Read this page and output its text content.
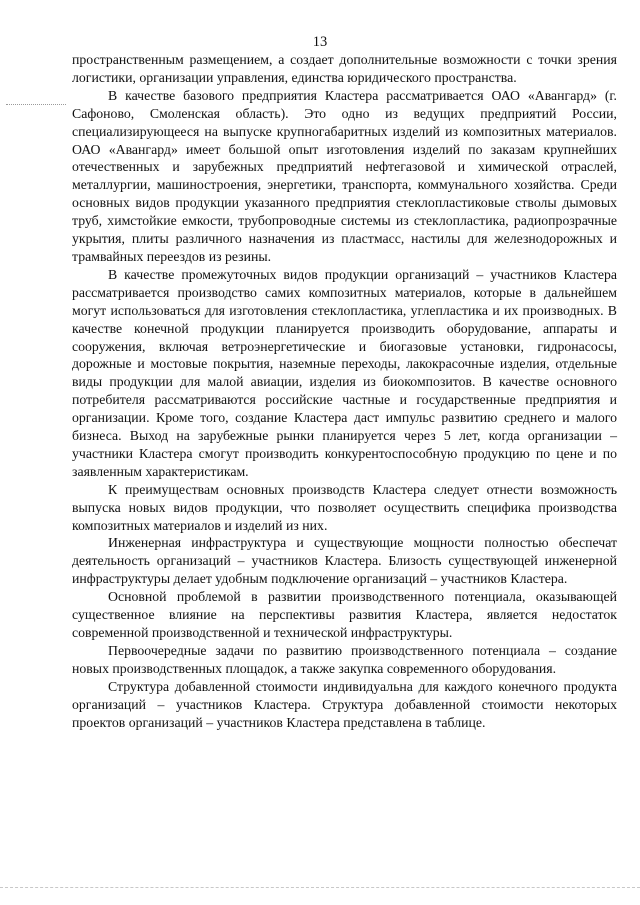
13

пространственным размещением, а создает дополнительные возможности с точки зрения логистики, организации управления, единства юридического пространства.

В качестве базового предприятия Кластера рассматривается ОАО «Авангард» (г. Сафоново, Смоленская область). Это одно из ведущих предприятий России, специализирующееся на выпуске крупногабаритных изделий из композитных материалов. ОАО «Авангард» имеет большой опыт изготовления изделий по заказам крупнейших отечественных и зарубежных предприятий нефтегазовой и химической отраслей, металлургии, машиностроения, энергетики, транспорта, коммунального хозяйства. Среди основных видов продукции указанного предприятия стеклопластиковые стволы дымовых труб, химстойкие емкости, трубопроводные системы из стеклопластика, радиопрозрачные укрытия, плиты различного назначения из пластмасс, настилы для железнодорожных и трамвайных переездов из резины.

В качестве промежуточных видов продукции организаций – участников Кластера рассматривается производство самих композитных материалов, которые в дальнейшем могут использоваться для изготовления стеклопластика, углепластика и их производных. В качестве конечной продукции планируется производить оборудование, аппараты и сооружения, включая ветроэнергетические и биогазовые установки, гидронасосы, дорожные и мостовые покрытия, наземные переходы, лакокрасочные изделия, отдельные виды продукции для малой авиации, изделия из биокомпозитов. В качестве основного потребителя рассматриваются российские частные и государственные предприятия и организации. Кроме того, создание Кластера даст импульс развитию среднего и малого бизнеса. Выход на зарубежные рынки планируется через 5 лет, когда организации – участники Кластера смогут производить конкурентоспособную продукцию по цене и по заявленным характеристикам.

К преимуществам основных производств Кластера следует отнести возможность выпуска новых видов продукции, что позволяет осуществить специфика производства композитных материалов и изделий из них.

Инженерная инфраструктура и существующие мощности полностью обеспечат деятельность организаций – участников Кластера. Близость существующей инженерной инфраструктуры делает удобным подключение организаций – участников Кластера.

Основной проблемой в развитии производственного потенциала, оказывающей существенное влияние на перспективы развития Кластера, является недостаток современной производственной и технической инфраструктуры.

Первоочередные задачи по развитию производственного потенциала – создание новых производственных площадок, а также закупка современного оборудования.

Структура добавленной стоимости индивидуальна для каждого конечного продукта организаций – участников Кластера. Структура добавленной стоимости некоторых проектов организаций – участников Кластера представлена в таблице.
